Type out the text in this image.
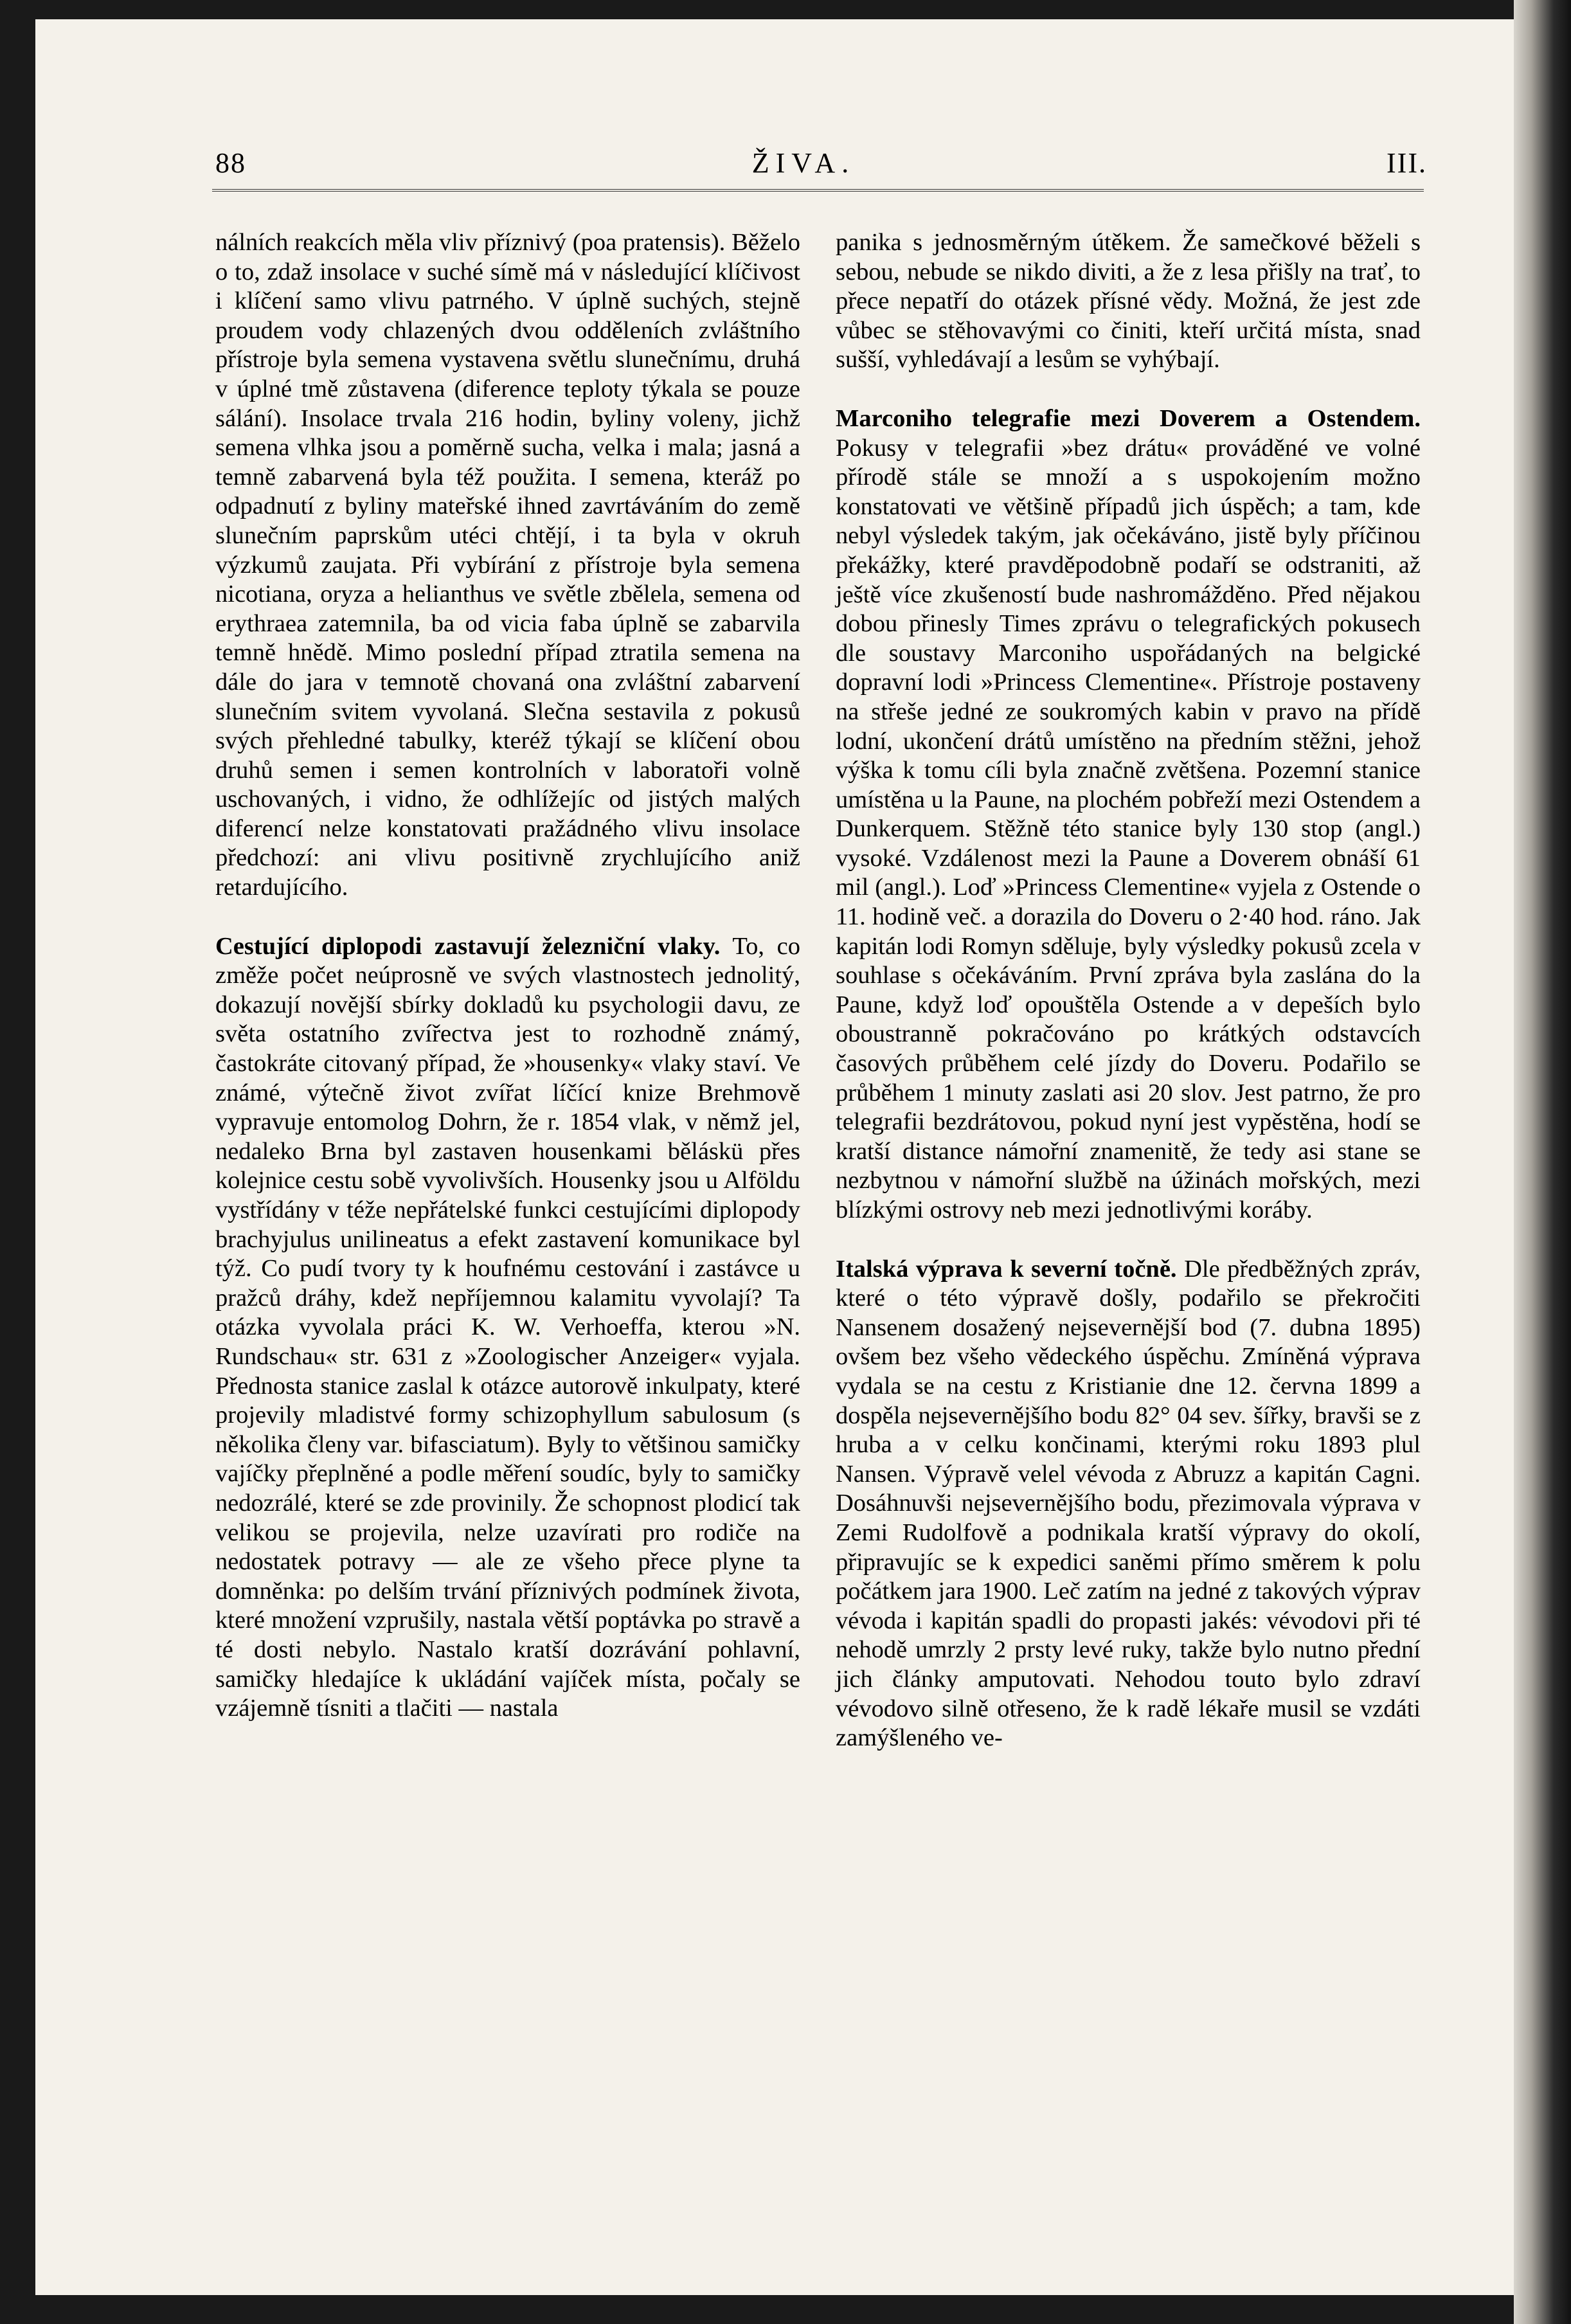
88	ŽIVA.	III.

nálních reakcích měla vliv příznivý (poa pratensis). Běželo o to, zdaž insolace v suché símě má v následující klíčivost i klíčení samo vlivu patrného. V úplně suchých, stejně proudem vody chlazených dvou odděleních zvláštního přístroje byla semena vystavena světlu slunečnímu, druhá v úplné tmě zůstavena (diference teploty týkala se pouze sálání). Insolace trvala 216 hodin, byliny voleny, jichž semena vlhka jsou a poměrně sucha, velka i mala; jasná a temně zabarvená byla též použita. I semena, kteráž po odpadnutí z byliny mateřské ihned zavrtáváním do země slunečním paprskům utéci chtějí, i ta byla v okruh výzkumů zaujata. Při vybírání z přístroje byla semena nicotiana, oryza a helianthus ve světle zbělela, semena od erythraea zatemnila, ba od vicia faba úplně se zabarvila temně hnědě. Mimo poslední případ ztratila semena na dále do jara v temnotě chovaná ona zvláštní zabarvení slunečním svitem vyvolaná. Slečna sestavila z pokusů svých přehledné tabulky, kteréž týkají se klíčení obou druhů semen i semen kontrolních v laboratoři volně uschovaných, i vidno, že odhlížejíc od jistých malých diferencí nelze konstatovati pražádného vlivu insolace předchozí: ani vlivu positivně zrychlujícího aniž retardujícího.

Cestující diplopodi zastavují železniční vlaky. To, co změže počet neúprosně ve svých vlastnostech jednolitý, dokazují novější sbírky dokladů ku psychologii davu, ze světa ostatního zvířectva jest to rozhodně známý, častokráte citovaný případ, že »housenky« vlaky staví. Ve známé, výtečně život zvířat líčící knize Brehmově vypravuje entomolog Dohrn, že r. 1854 vlak, v němž jel, nedaleko Brna byl zastaven housenkami běláskü přes kolejnice cestu sobě vyvolivších. Housenky jsou u Alföldu vystřídány v téže nepřátelské funkci cestujícími diplopody brachyjulus unilineatus a efekt zastavení komunikace byl týž. Co pudí tvory ty k houfnému cestování i zastávce u pražců dráhy, kdež nepříjemnou kalamitu vyvolají? Ta otázka vyvolala práci K. W. Verhoeffa, kterou »N. Rundschau« str. 631 z »Zoologischer Anzeiger« vyjala. Přednosta stanice zaslal k otázce autorově inkulpaty, které projevily mladistvé formy schizophyllum sabulosum (s několika členy var. bifasciatum). Byly to většinou samičky vajíčky přeplněné a podle měření soudíc, byly to samičky nedozrálé, které se zde provinily. Že schopnost plodicí tak velikou se projevila, nelze uzavírati pro rodiče na nedostatek potravy — ale ze všeho přece plyne ta domněnka: po delším trvání příznivých podmínek života, které množení vzprušily, nastala větší poptávka po stravě a té dosti nebylo. Nastalo kratší dozrávání pohlavní, samičky hledajíce k ukládání vajíček místa, počaly se vzájemně tísniti a tlačiti — nastala

panika s jednosměrným útěkem. Že samečkové běželi s sebou, nebude se nikdo diviti, a že z lesa přišly na trať, to přece nepatří do otázek přísné vědy. Možná, že jest zde vůbec se stěhovavými co činiti, kteří určitá místa, snad sušší, vyhledávají a lesům se vyhýbají.

Marconiho telegrafie mezi Doverem a Ostendem. Pokusy v telegrafii »bez drátu« prováděné ve volné přírodě stále se množí a s uspokojením možno konstatovati ve většině případů jich úspěch; a tam, kde nebyl výsledek takým, jak očekáváno, jistě byly příčinou překážky, které pravděpodobně podaří se odstraniti, až ještě více zkušeností bude nashromážděno. Před nějakou dobou přinesly Times zprávu o telegrafických pokusech dle soustavy Marconiho uspořádaných na belgické dopravní lodi »Princess Clementine«. Přístroje postaveny na střeše jedné ze soukromých kabin v pravo na přídě lodní, ukončení drátů umístěno na předním stěžni, jehož výška k tomu cíli byla značně zvětšena. Pozemní stanice umístěna u la Paune, na plochém pobřeží mezi Ostendem a Dunkerquem. Stěžně této stanice byly 130 stop (angl.) vysoké. Vzdálenost mezi la Paune a Doverem obnáší 61 mil (angl.). Loď »Princess Clementine« vyjela z Ostende o 11. hodině več. a dorazila do Doveru o 2·40 hod. ráno. Jak kapitán lodi Romyn sděluje, byly výsledky pokusů zcela v souhlase s očekáváním. První zpráva byla zaslána do la Paune, když loď opouštěla Ostende a v depeších bylo oboustranně pokračováno po krátkých odstavcích časových průběhem celé jízdy do Doveru. Podařilo se průběhem 1 minuty zaslati asi 20 slov. Jest patrno, že pro telegrafii bezdrátovou, pokud nyní jest vypěstěna, hodí se kratší distance námořní znamenitě, že tedy asi stane se nezbytnou v námořní službě na úžinách mořských, mezi blízkými ostrovy neb mezi jednotlivými koráby.

Italská výprava k severní točně. Dle předběžných zpráv, které o této výpravě došly, podařilo se překročiti Nansenem dosažený nejsevernější bod (7. dubna 1895) ovšem bez všeho vědeckého úspěchu. Zmíněná výprava vydala se na cestu z Kristianie dne 12. června 1899 a dospěla nejsevernějšího bodu 82° 04 sev. šířky, bravši se z hruba a v celku končinami, kterými roku 1893 plul Nansen. Výpravě velel vévoda z Abruzz a kapitán Cagni. Dosáhnuvši nejsevernějšího bodu, přezimovala výprava v Zemi Rudolfově a podnikala kratší výpravy do okolí, připravujíc se k expedici saněmi přímo směrem k polu počátkem jara 1900. Leč zatím na jedné z takových výprav vévoda i kapitán spadli do propasti jakés: vévodovi při té nehodě umrzly 2 prsty levé ruky, takže bylo nutno přední jich články amputovati. Nehodou touto bylo zdraví vévodovo silně otřeseno, že k radě lékaře musil se vzdáti zamýšleného ve-
